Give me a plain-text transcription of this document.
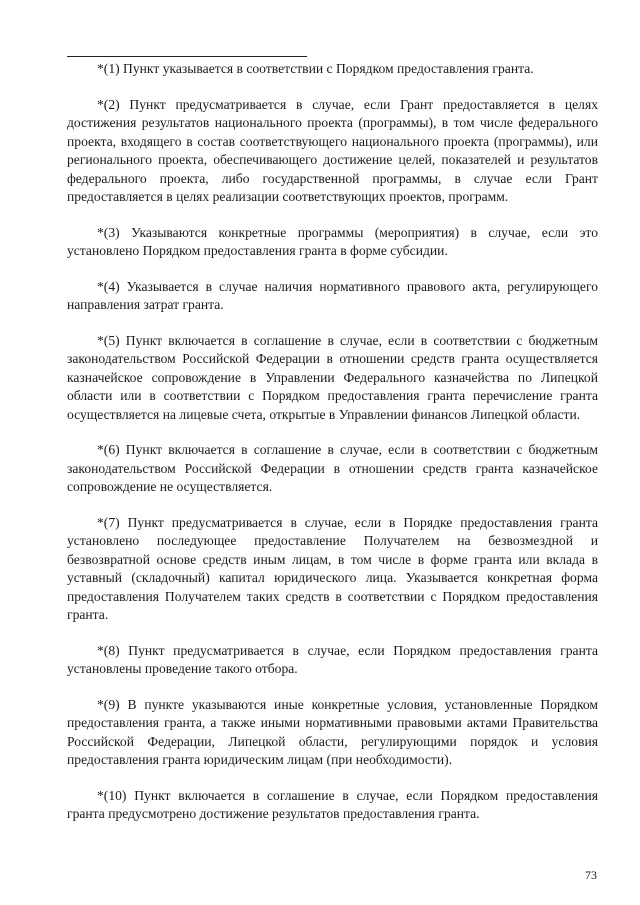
*(1) Пункт указывается в соответствии с Порядком предоставления гранта.

*(2) Пункт предусматривается в случае, если Грант предоставляется в целях достижения результатов национального проекта (программы), в том числе федерального проекта, входящего в состав соответствующего национального проекта (программы), или регионального проекта, обеспечивающего достижение целей, показателей и результатов федерального проекта, либо государственной программы, в случае если Грант предоставляется в целях реализации соответствующих проектов, программ.

*(3) Указываются конкретные программы (мероприятия) в случае, если это установлено Порядком предоставления гранта в форме субсидии.

*(4) Указывается в случае наличия нормативного правового акта, регулирующего направления затрат гранта.

*(5) Пункт включается в соглашение в случае, если в соответствии с бюджетным законодательством Российской Федерации в отношении средств гранта осуществляется казначейское сопровождение в Управлении Федерального казначейства по Липецкой области или в соответствии с Порядком предоставления гранта перечисление гранта осуществляется на лицевые счета, открытые в Управлении финансов Липецкой области.

*(6) Пункт включается в соглашение в случае, если в соответствии с бюджетным законодательством Российской Федерации в отношении средств гранта казначейское сопровождение не осуществляется.

*(7) Пункт предусматривается в случае, если в Порядке предоставления гранта установлено последующее предоставление Получателем на безвозмездной и безвозвратной основе средств иным лицам, в том числе в форме гранта или вклада в уставный (складочный) капитал юридического лица. Указывается конкретная форма предоставления Получателем таких средств в соответствии с Порядком предоставления гранта.

*(8) Пункт предусматривается в случае, если Порядком предоставления гранта установлены проведение такого отбора.

*(9) В пункте указываются иные конкретные условия, установленные Порядком предоставления гранта, а также иными нормативными правовыми актами Правительства Российской Федерации, Липецкой области, регулирующими порядок и условия предоставления гранта юридическим лицам (при необходимости).

*(10) Пункт включается в соглашение в случае, если Порядком предоставления гранта предусмотрено достижение результатов предоставления гранта.

73
